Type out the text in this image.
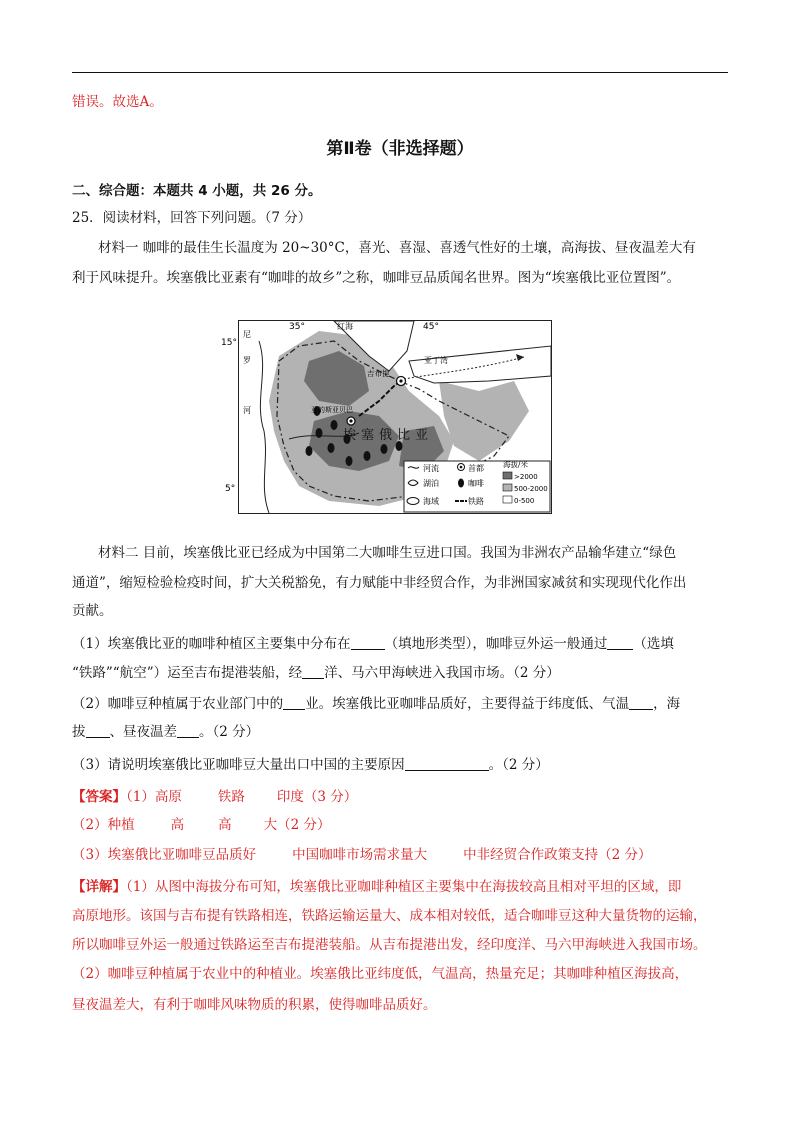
错误。故选A。
第Ⅱ卷（非选择题）
二、综合题：本题共 4 小题，共 26 分。
25．阅读材料，回答下列问题。（7 分）
材料一 咖啡的最佳生长温度为 20~30°C，喜光、喜湿、喜透气性好的土壤，高海拔、昼夜温差大有
利于风味提升。埃塞俄比亚素有“咖啡的故乡”之称，咖啡豆品质闻名世界。图为“埃塞俄比亚位置图”。
35°	45°
15°
5°
红海
亚丁湾
吉布提
亚的斯亚贝巴
埃塞俄比亚
尼
罗
河
河流
湖泊
海域
首都
咖啡
铁路
海拔/米
>2000
500-2000
0-500
材料二 目前，埃塞俄比亚已经成为中国第二大咖啡生豆进口国。我国为非洲农产品输华建立“绿色
通道”，缩短检验检疫时间，扩大关税豁免，有力赋能中非经贸合作，为非洲国家减贫和实现现代化作出
贡献。
（1）埃塞俄比亚的咖啡种植区主要集中分布在	（填地形类型），咖啡豆外运一般通过 （选填
“铁路”“航空”）运至吉布提港装船，经 洋、马六甲海峡进入我国市场。（2 分）
（2）咖啡豆种植属于农业部门中的 业。埃塞俄比亚咖啡品质好，主要得益于纬度低、气温 ，海
拔 、昼夜温差 。（2 分）
（3）请说明埃塞俄比亚咖啡豆大量出口中国的主要原因	。（2 分）
【答案】（1）高原	铁路 印度（3 分）
（2）种植	高	高 大（2 分）
（3）埃塞俄比亚咖啡豆品质好	中国咖啡市场需求量大	中非经贸合作政策支持（2 分）
【详解】（1）从图中海拔分布可知，埃塞俄比亚咖啡种植区主要集中在海拔较高且相对平坦的区域，即
高原地形。该国与吉布提有铁路相连，铁路运输运量大、成本相对较低，适合咖啡豆这种大量货物的运输，
所以咖啡豆外运一般通过铁路运至吉布提港装船。从吉布提港出发，经印度洋、马六甲海峡进入我国市场。
（2）咖啡豆种植属于农业中的种植业。埃塞俄比亚纬度低，气温高，热量充足；其咖啡种植区海拔高，
昼夜温差大，有利于咖啡风味物质的积累，使得咖啡品质好。
